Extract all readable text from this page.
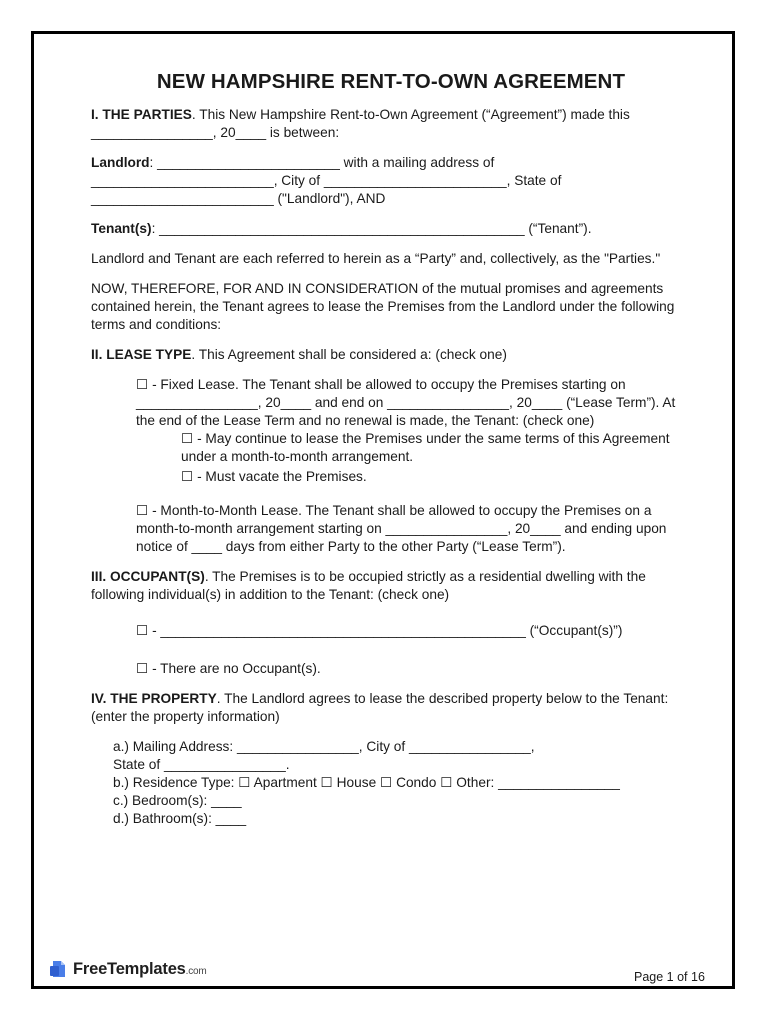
NEW HAMPSHIRE RENT-TO-OWN AGREEMENT

I. THE PARTIES. This New Hampshire Rent-to-Own Agreement (“Agreement”) made this ________________, 20____ is between:

Landlord: ________________________ with a mailing address of
________________________, City of ________________________, State of
________________________ ("Landlord"), AND

Tenant(s): ________________________________________________ (“Tenant”).

Landlord and Tenant are each referred to herein as a “Party” and, collectively, as the "Parties."

NOW, THEREFORE, FOR AND IN CONSIDERATION of the mutual promises and agreements contained herein, the Tenant agrees to lease the Premises from the Landlord under the following terms and conditions:

II. LEASE TYPE. This Agreement shall be considered a: (check one)

☐ - Fixed Lease. The Tenant shall be allowed to occupy the Premises starting on ________________, 20____ and end on ________________, 20____ (“Lease Term”). At the end of the Lease Term and no renewal is made, the Tenant: (check one)

☐ - May continue to lease the Premises under the same terms of this Agreement under a month-to-month arrangement.

☐ - Must vacate the Premises.

☐ - Month-to-Month Lease. The Tenant shall be allowed to occupy the Premises on a month-to-month arrangement starting on ________________, 20____ and ending upon notice of ____ days from either Party to the other Party (“Lease Term”).

III. OCCUPANT(S). The Premises is to be occupied strictly as a residential dwelling with the following individual(s) in addition to the Tenant: (check one)

☐ - ________________________________________________ (“Occupant(s)”)

☐ - There are no Occupant(s).

IV. THE PROPERTY. The Landlord agrees to lease the described property below to the Tenant: (enter the property information)

a.) Mailing Address: ________________, City of ________________,
State of ________________.

b.) Residence Type: ☐ Apartment ☐ House ☐ Condo ☐ Other: ________________

c.) Bedroom(s): ____

d.) Bathroom(s): ____

FreeTemplates.com	Page 1 of 16
